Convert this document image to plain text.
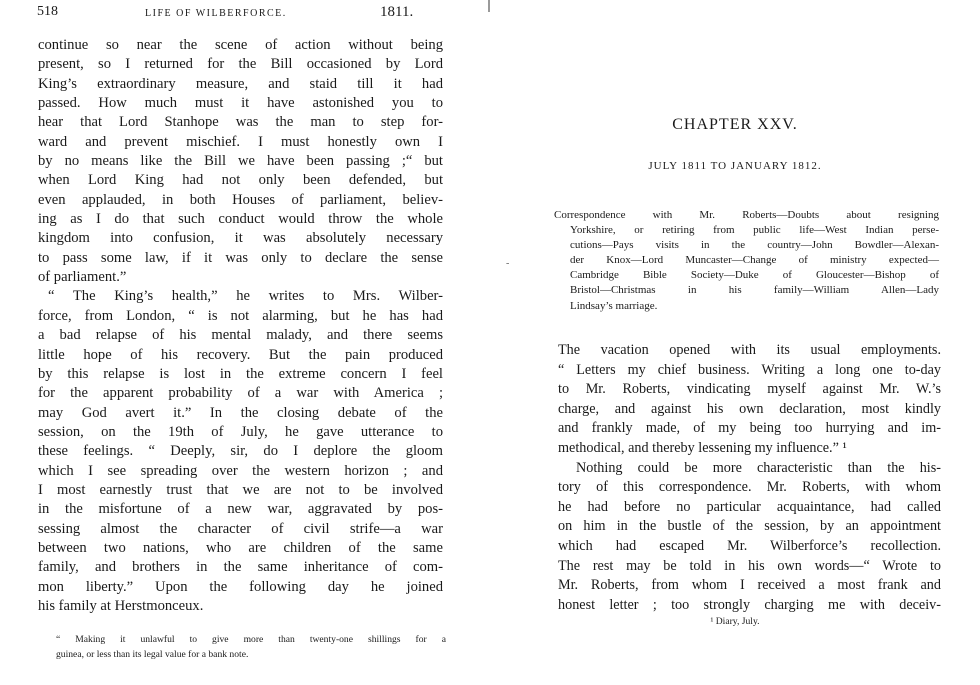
518	LIFE OF WILBERFORCE.	1811.
continue so near the scene of action without being
present, so I returned for the Bill occasioned by Lord
King’s extraordinary measure, and staid till it had
passed. How much must it have astonished you to
hear that Lord Stanhope was the man to step for-
ward and prevent mischief. I must honestly own I
by no means like the Bill we have been passing ;“ but
when Lord King had not only been defended, but
even applauded, in both Houses of parliament, believ-
ing as I do that such conduct would throw the whole
kingdom into confusion, it was absolutely necessary
to pass some law, if it was only to declare the sense
of parliament.”
“ The King’s health,” he writes to Mrs. Wilber-
force, from London, “ is not alarming, but he has had
a bad relapse of his mental malady, and there seems
little hope of his recovery. But the pain produced
by this relapse is lost in the extreme concern I feel
for the apparent probability of a war with America ;
may God avert it.” In the closing debate of the
session, on the 19th of July, he gave utterance to
these feelings. “ Deeply, sir, do I deplore the gloom
which I see spreading over the western horizon ; and
I most earnestly trust that we are not to be involved
in the misfortune of a new war, aggravated by pos-
sessing almost the character of civil strife—a war
between two nations, who are children of the same
family, and brothers in the same inheritance of com-
mon liberty.” Upon the following day he joined
his family at Herstmonceux.
“ Making it unlawful to give more than twenty-one shillings for a
guinea, or less than its legal value for a bank note.
-
CHAPTER XXV.
JULY 1811 TO JANUARY 1812.
Correspondence with Mr. Roberts—Doubts about resigning
Yorkshire, or retiring from public life—West Indian perse-
cutions—Pays visits in the country—John Bowdler—Alexan-
der Knox—Lord Muncaster—Change of ministry expected—
Cambridge Bible Society—Duke of Gloucester—Bishop of
Bristol—Christmas in his family—William Allen—Lady
Lindsay’s marriage.
The vacation opened with its usual employments.
“ Letters my chief business. Writing a long one to-day
to Mr. Roberts, vindicating myself against Mr. W.’s
charge, and against his own declaration, most kindly
and frankly made, of my being too hurrying and im-
methodical, and thereby lessening my influence.” ¹
Nothing could be more characteristic than the his-
tory of this correspondence. Mr. Roberts, with whom
he had before no particular acquaintance, had called
on him in the bustle of the session, by an appointment
which had escaped Mr. Wilberforce’s recollection.
The rest may be told in his own words—“ Wrote to
Mr. Roberts, from whom I received a most frank and
honest letter ; too strongly charging me with deceiv-
¹ Diary, July.
